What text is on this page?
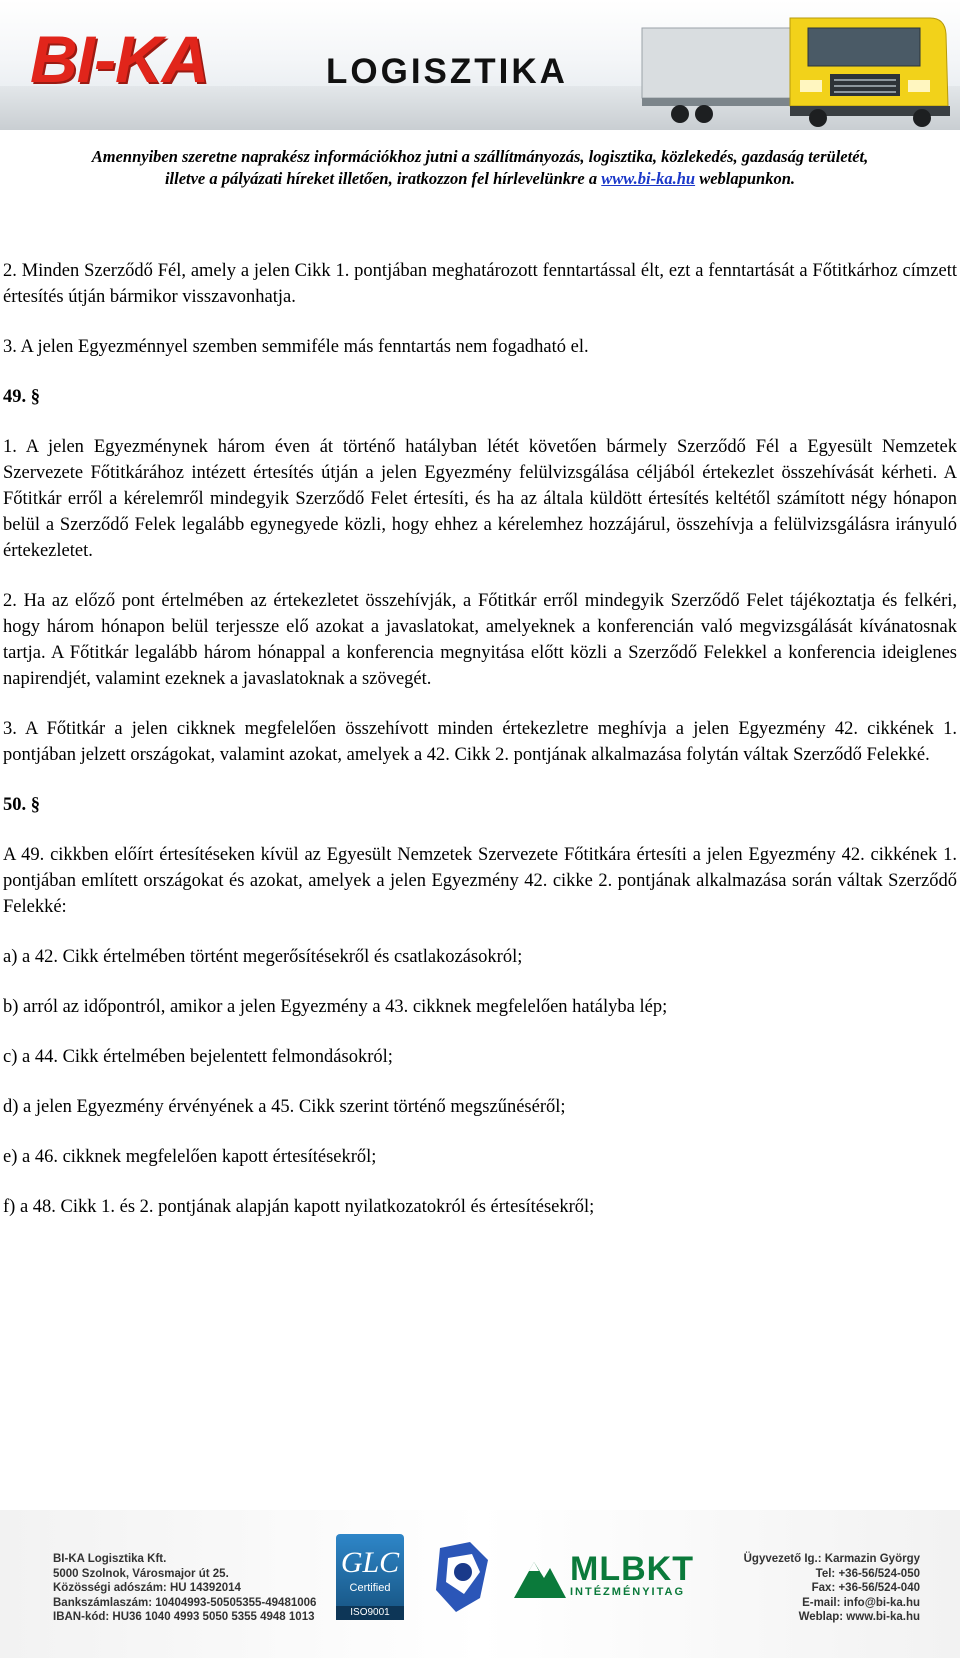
BI-KA	LOGISZTIKA
Amennyiben szeretne naprakész információkhoz jutni a szállítmányozás, logisztika, közlekedés, gazdaság területét,
illetve a pályázati híreket illetően, iratkozzon fel hírlevelünkre a www.bi-ka.hu weblapunkon.

2. Minden Szerződő Fél, amely a jelen Cikk 1. pontjában meghatározott fenntartással élt, ezt a fenntartását a Főtitkárhoz címzett értesítés útján bármikor visszavonhatja.

3. A jelen Egyezménnyel szemben semmiféle más fenntartás nem fogadható el.

49. §

1. A jelen Egyezménynek három éven át történő hatályban létét követően bármely Szerződő Fél a Egyesült Nemzetek Szervezete Főtitkárához intézett értesítés útján a jelen Egyezmény felülvizsgálása céljából értekezlet összehívását kérheti. A Főtitkár erről a kérelemről mindegyik Szerződő Felet értesíti, és ha az általa küldött értesítés keltétől számított négy hónapon belül a Szerződő Felek legalább egynegyede közli, hogy ehhez a kérelemhez hozzájárul, összehívja a felülvizsgálásra irányuló értekezletet.

2. Ha az előző pont értelmében az értekezletet összehívják, a Főtitkár erről mindegyik Szerződő Felet tájékoztatja és felkéri, hogy három hónapon belül terjessze elő azokat a javaslatokat, amelyeknek a konferencián való megvizsgálását kívánatosnak tartja. A Főtitkár legalább három hónappal a konferencia megnyitása előtt közli a Szerződő Felekkel a konferencia ideiglenes napirendjét, valamint ezeknek a javaslatoknak a szövegét.

3. A Főtitkár a jelen cikknek megfelelően összehívott minden értekezletre meghívja a jelen Egyezmény 42. cikkének 1. pontjában jelzett országokat, valamint azokat, amelyek a 42. Cikk 2. pontjának alkalmazása folytán váltak Szerződő Felekké.

50. §

A 49. cikkben előírt értesítéseken kívül az Egyesült Nemzetek Szervezete Főtitkára értesíti a jelen Egyezmény 42. cikkének 1. pontjában említett országokat és azokat, amelyek a jelen Egyezmény 42. cikke 2. pontjának alkalmazása során váltak Szerződő Felekké:

a) a 42. Cikk értelmében történt megerősítésekről és csatlakozásokról;

b) arról az időpontról, amikor a jelen Egyezmény a 43. cikknek megfelelően hatályba lép;

c) a 44. Cikk értelmében bejelentett felmondásokról;

d) a jelen Egyezmény érvényének a 45. Cikk szerint történő megszűnéséről;

e) a 46. cikknek megfelelően kapott értesítésekről;

f) a 48. Cikk 1. és 2. pontjának alapján kapott nyilatkozatokról és értesítésekről;

BI-KA Logisztika Kft.
5000 Szolnok, Városmajor út 25.
Közösségi adószám: HU 14392014
Bankszámlaszám: 10404993-50505355-49481006
IBAN-kód: HU36 1040 4993 5050 5355 4948 1013
GLC
Certified
ISO9001
MLBKT
INTÉZMÉNYITAG
Ügyvezető Ig.: Karmazin György
Tel: +36-56/524-050
Fax: +36-56/524-040
E-mail: info@bi-ka.hu
Weblap: www.bi-ka.hu
